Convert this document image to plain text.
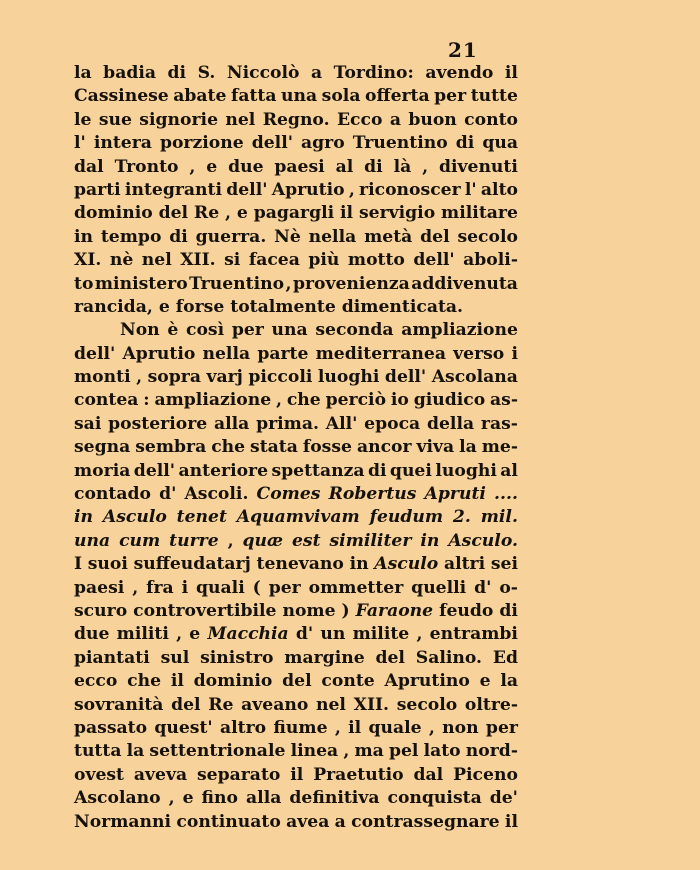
21
la badia di S. Niccolò a Tordino: avendo il
Cassinese abate fatta una sola offerta per tutte
le sue signorie nel Regno. Ecco a buon conto
l' intera porzione dell' agro Truentino di qua
dal Tronto , e due paesi al di là , divenuti
parti integranti dell' Aprutio , riconoscer l' alto
dominio del Re , e pagargli il servigio militare
in tempo di guerra. Nè nella metà del secolo
XI. nè nel XII. si facea più motto dell' aboli-
to ministero Truentino , provenienza addivenuta
rancida, e forse totalmente dimenticata.
Non è così per una seconda ampliazione
dell' Aprutio nella parte mediterranea verso i
monti , sopra varj piccoli luoghi dell' Ascolana
contea : ampliazione , che perciò io giudico as-
sai posteriore alla prima. All' epoca della ras-
segna sembra che stata fosse ancor viva la me-
moria dell' anteriore spettanza di quei luoghi al
contado d' Ascoli. Comes Robertus Apruti ....
in Asculo tenet Aquamvivam feudum 2. mil.
una cum turre , quæ est similiter in Asculo.
I suoi suffeudatarj tenevano in Asculo altri sei
paesi , fra i quali ( per ommetter quelli d' o-
scuro controvertibile nome ) Faraone feudo di
due militi , e Macchia d' un milite , entrambi
piantati sul sinistro margine del Salino. Ed
ecco che il dominio del conte Aprutino e la
sovranità del Re aveano nel XII. secolo oltre-
passato quest' altro fiume , il quale , non per
tutta la settentrionale linea , ma pel lato nord-
ovest aveva separato il Praetutio dal Piceno
Ascolano , e fino alla definitiva conquista de'
Normanni continuato avea a contrassegnare il
